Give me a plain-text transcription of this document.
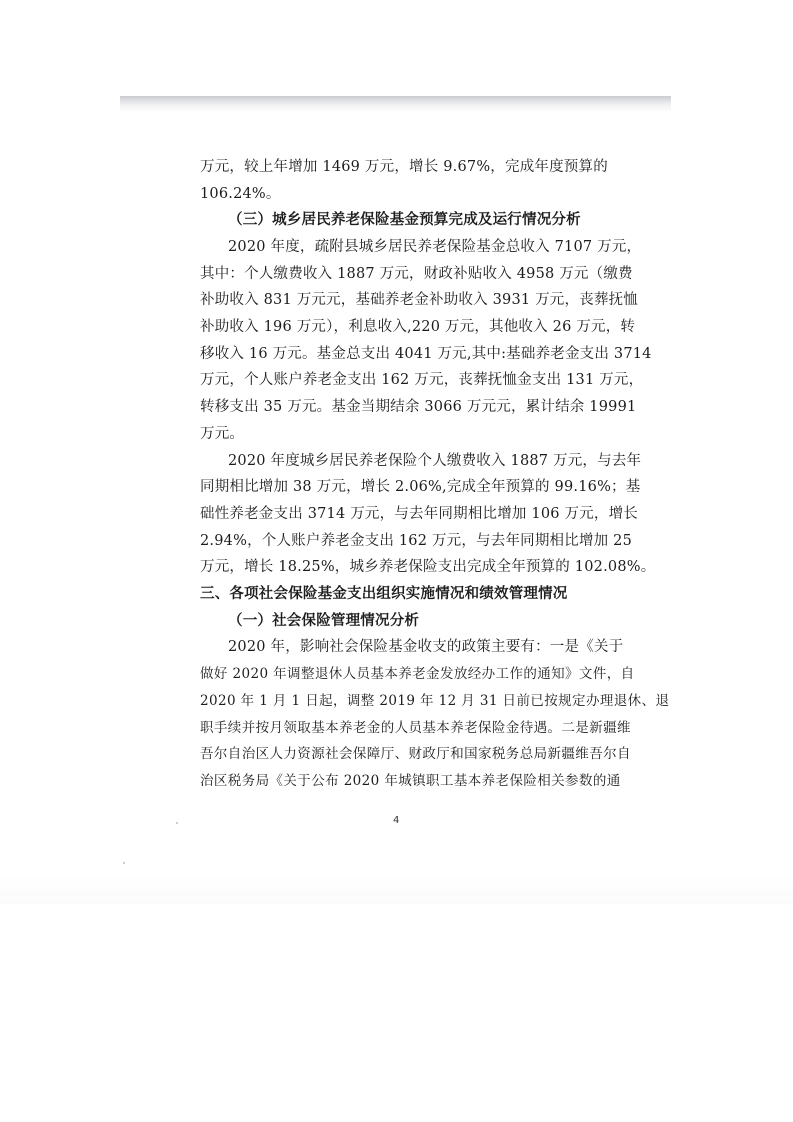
万元，较上年增加 1469 万元，增长 9.67%，完成年度预算的
106.24%。
（三）城乡居民养老保险基金预算完成及运行情况分析
2020 年度，疏附县城乡居民养老保险基金总收入 7107 万元，
其中：个人缴费收入 1887 万元，财政补贴收入 4958 万元（缴费
补助收入 831 万元元，基础养老金补助收入 3931 万元，丧葬抚恤
补助收入 196 万元），利息收入,220 万元，其他收入 26 万元，转
移收入 16 万元。基金总支出 4041 万元,其中:基础养老金支出 3714
万元，个人账户养老金支出 162 万元，丧葬抚恤金支出 131 万元，
转移支出 35 万元。基金当期结余 3066 万元元，累计结余 19991
万元。
2020 年度城乡居民养老保险个人缴费收入 1887 万元，与去年
同期相比增加 38 万元，增长 2.06%,完成全年预算的 99.16%；基
础性养老金支出 3714 万元，与去年同期相比增加 106 万元，增长
2.94%，个人账户养老金支出 162 万元，与去年同期相比增加 25
万元，增长 18.25%，城乡养老保险支出完成全年预算的 102.08%。
三、各项社会保险基金支出组织实施情况和绩效管理情况
（一）社会保险管理情况分析
2020 年，影响社会保险基金收支的政策主要有：一是《关于
做好 2020 年调整退休人员基本养老金发放经办工作的通知》文件，自
2020 年 1 月 1 日起，调整 2019 年 12 月 31 日前已按规定办理退休、退
职手续并按月领取基本养老金的人员基本养老保险金待遇。二是新疆维
吾尔自治区人力资源社会保障厅、财政厅和国家税务总局新疆维吾尔自
治区税务局《关于公布 2020 年城镇职工基本养老保险相关参数的通
4
